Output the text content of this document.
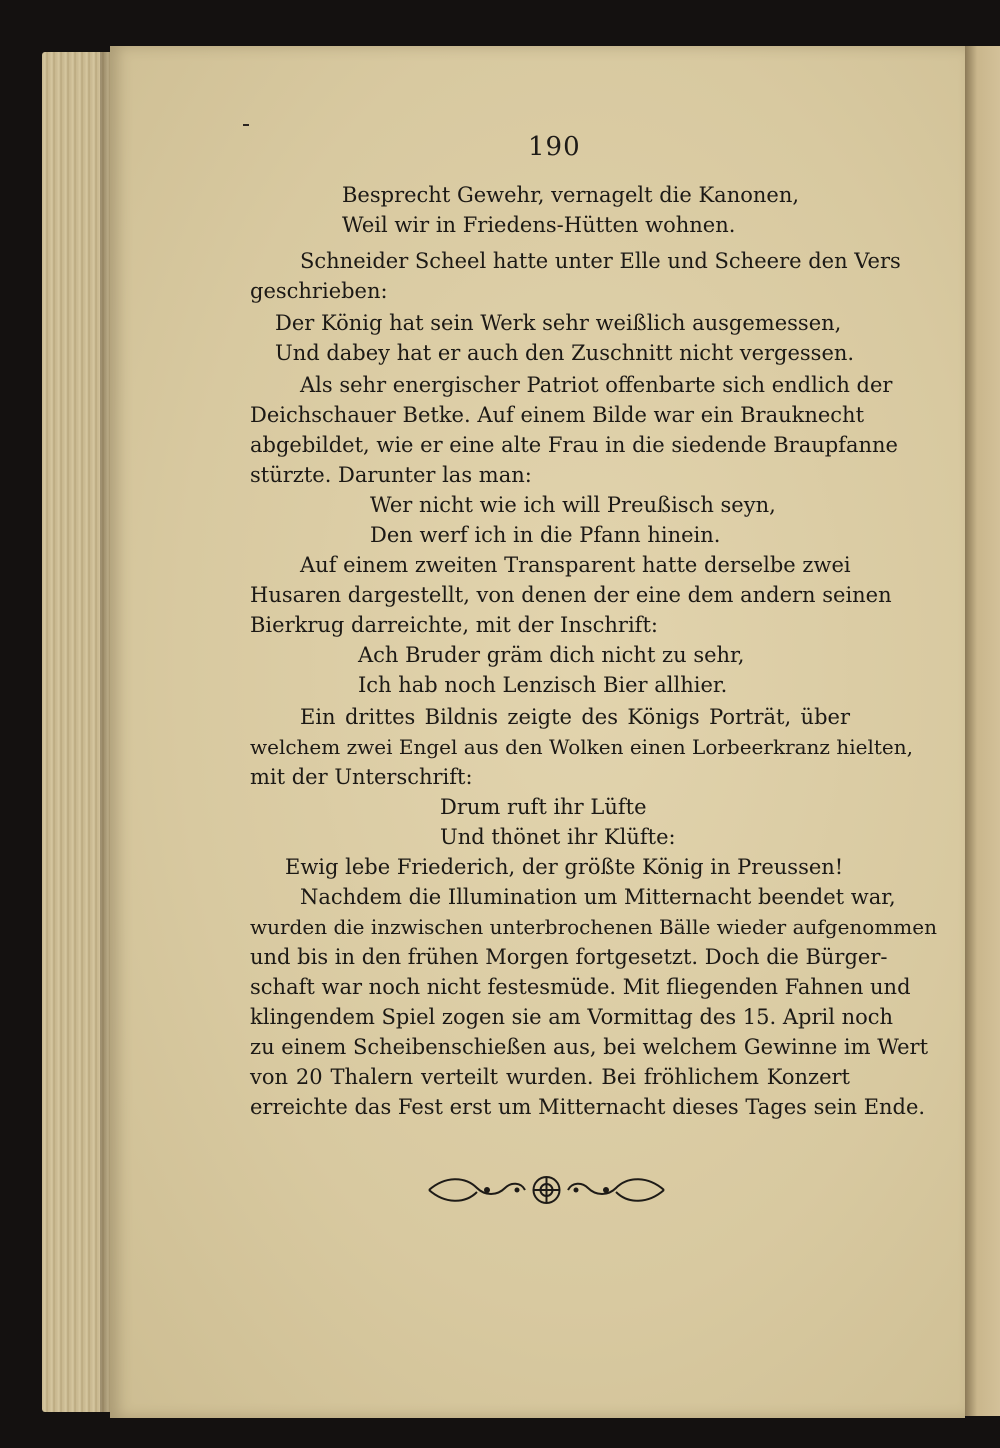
190
Besprecht Gewehr, vernagelt die Kanonen,
Weil wir in Friedens-Hütten wohnen.
Schneider Scheel hatte unter Elle und Scheere den Vers
geschrieben:
Der König hat sein Werk sehr weißlich ausgemessen,
Und dabey hat er auch den Zuschnitt nicht vergessen.
Als sehr energischer Patriot offenbarte sich endlich der
Deichschauer Betke. Auf einem Bilde war ein Brauknecht
abgebildet, wie er eine alte Frau in die siedende Braupfanne
stürzte. Darunter las man:
Wer nicht wie ich will Preußisch seyn,
Den werf ich in die Pfann hinein.
Auf einem zweiten Transparent hatte derselbe zwei
Husaren dargestellt, von denen der eine dem andern seinen
Bierkrug darreichte, mit der Inschrift:
Ach Bruder gräm dich nicht zu sehr,
Ich hab noch Lenzisch Bier allhier.
Ein drittes Bildnis zeigte des Königs Porträt, über
welchem zwei Engel aus den Wolken einen Lorbeerkranz hielten,
mit der Unterschrift:
Drum ruft ihr Lüfte
Und thönet ihr Klüfte:
Ewig lebe Friederich, der größte König in Preussen!
Nachdem die Illumination um Mitternacht beendet war,
wurden die inzwischen unterbrochenen Bälle wieder aufgenommen
und bis in den frühen Morgen fortgesetzt. Doch die Bürger-
schaft war noch nicht festesmüde. Mit fliegenden Fahnen und
klingendem Spiel zogen sie am Vormittag des 15. April noch
zu einem Scheibenschießen aus, bei welchem Gewinne im Wert
von 20 Thalern verteilt wurden. Bei fröhlichem Konzert
erreichte das Fest erst um Mitternacht dieses Tages sein Ende.
